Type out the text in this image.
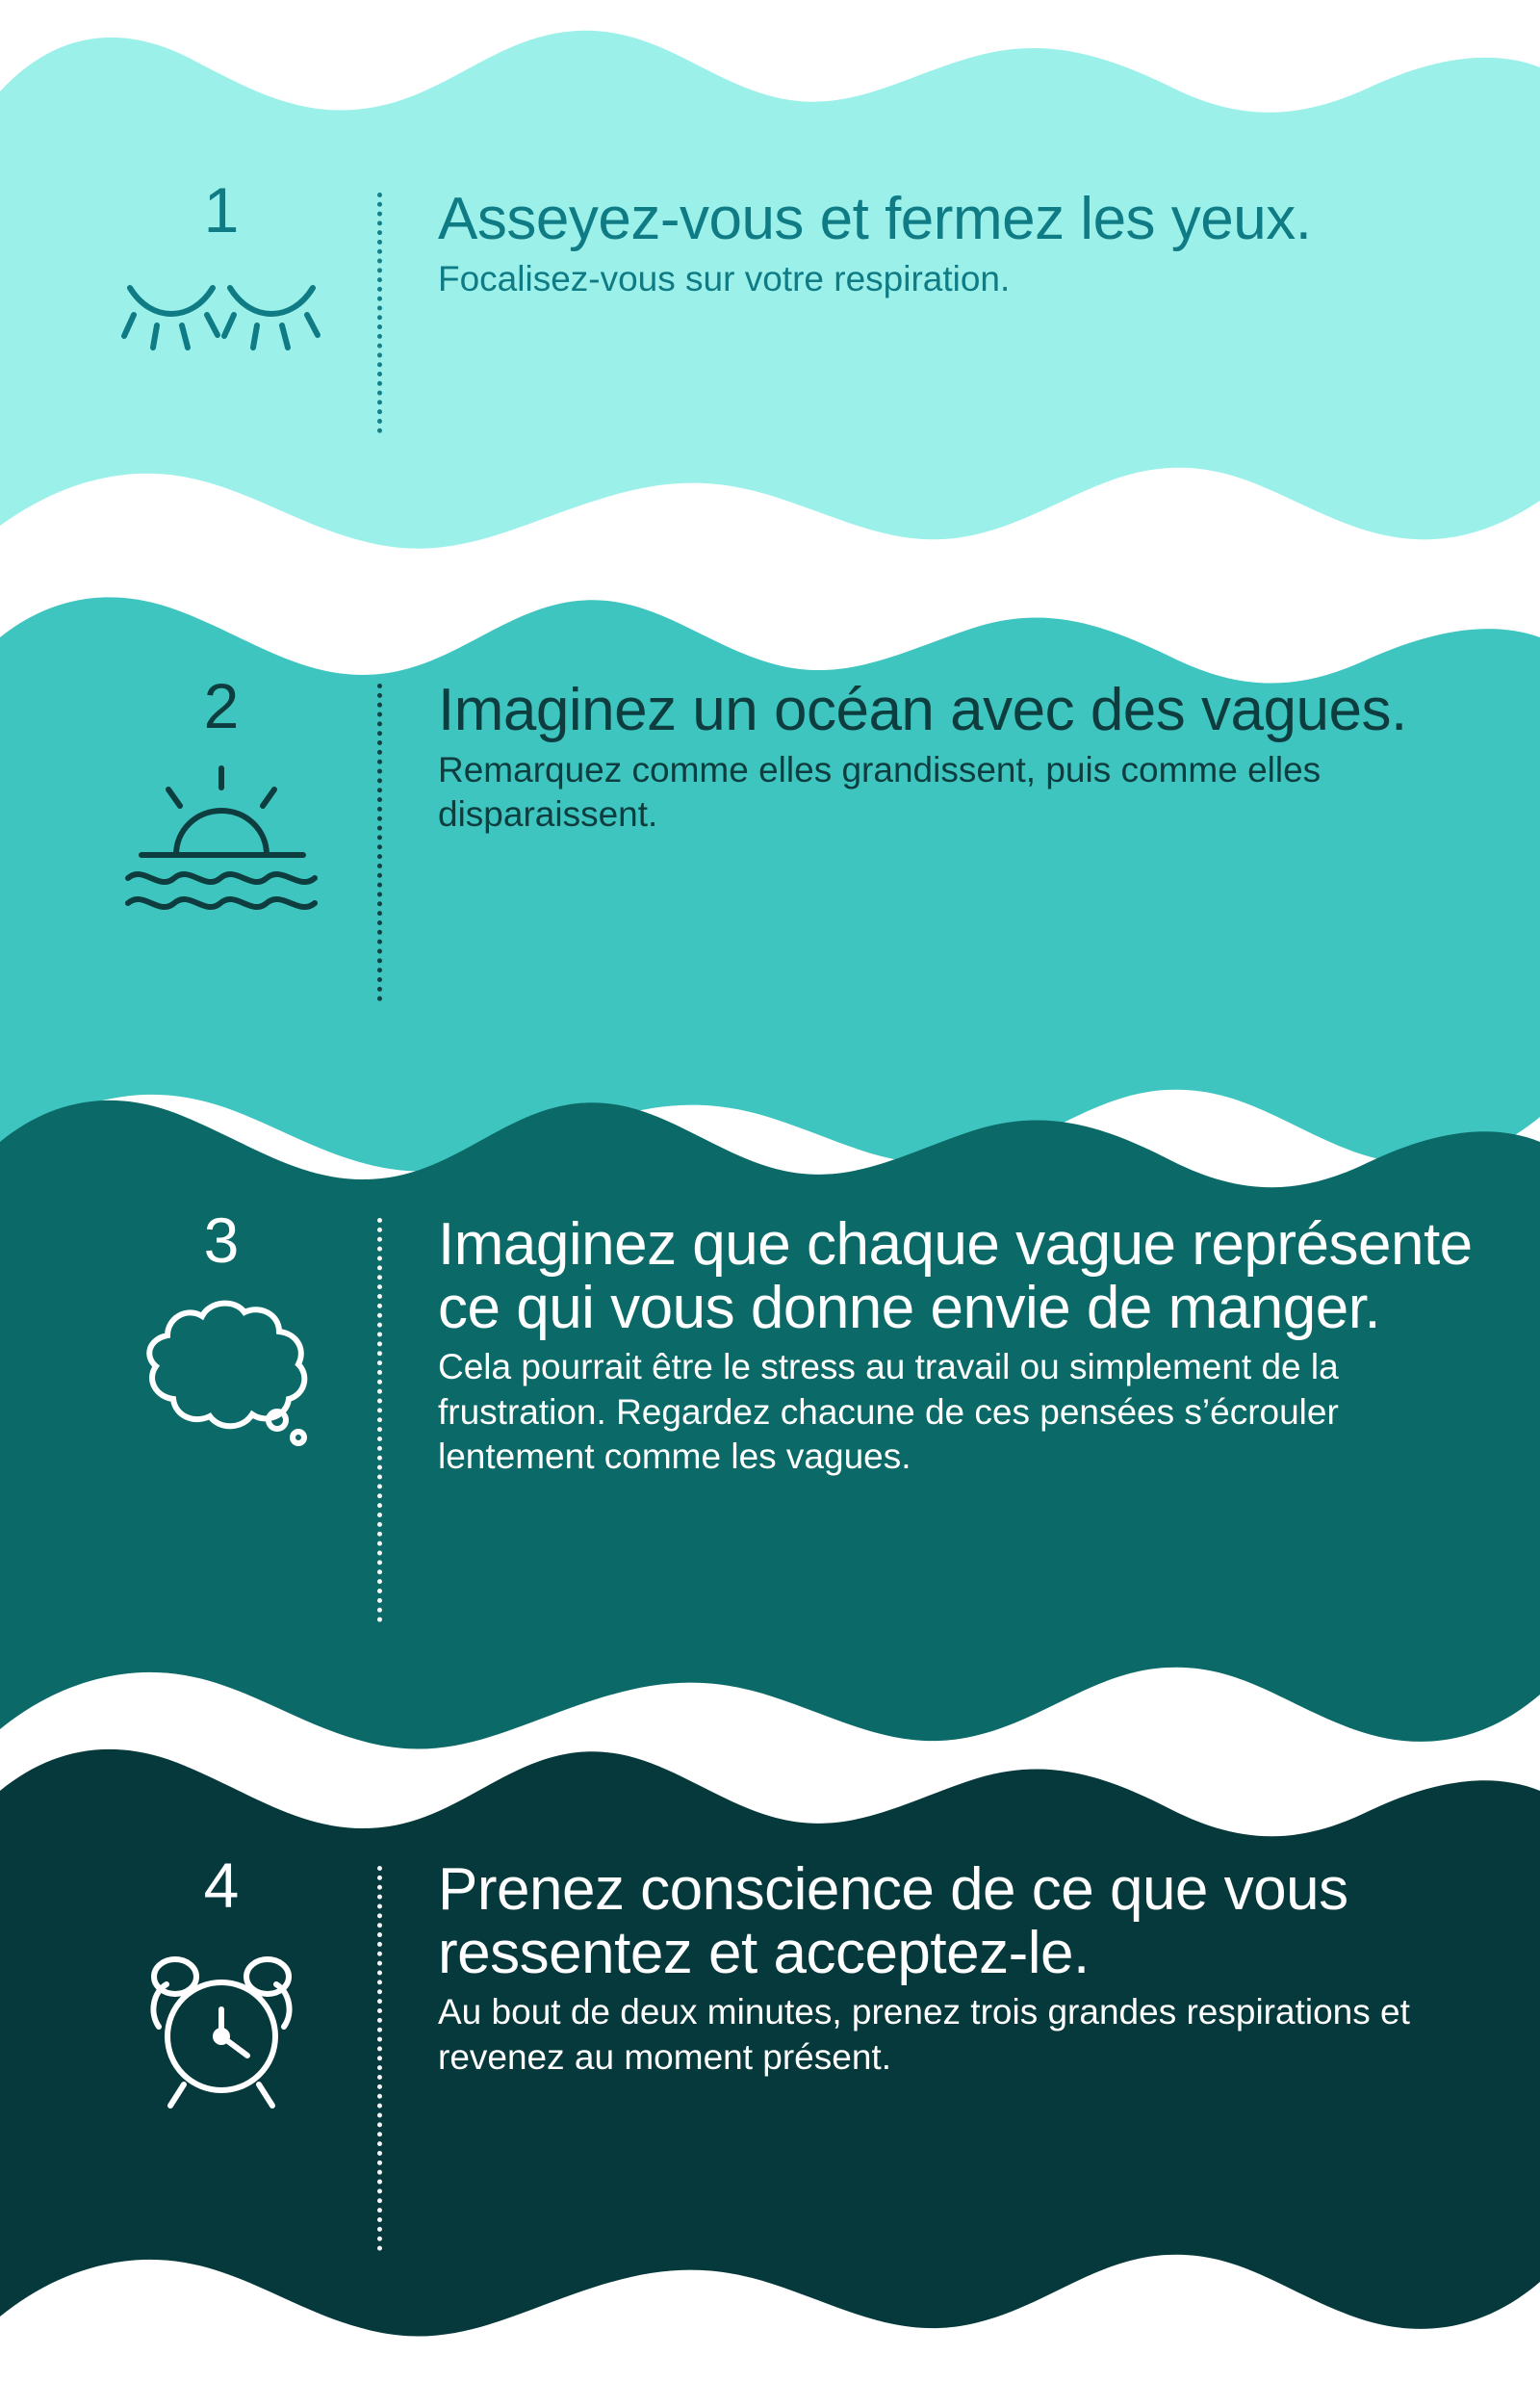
1	Asseyez-vous et fermez les yeux.

Focalisez-vous sur votre respiration.

2	Imaginez un océan avec des vagues.

Remarquez comme elles grandissent, puis comme elles disparaissent.

3	Imaginez que chaque vague représente ce qui vous donne envie de manger.

Cela pourrait être le stress au travail ou simplement de la frustration. Regardez chacune de ces pensées s’écrouler lentement comme les vagues.

4	Prenez conscience de ce que vous ressentez et acceptez-le.

Au bout de deux minutes, prenez trois grandes respirations et revenez au moment présent.
